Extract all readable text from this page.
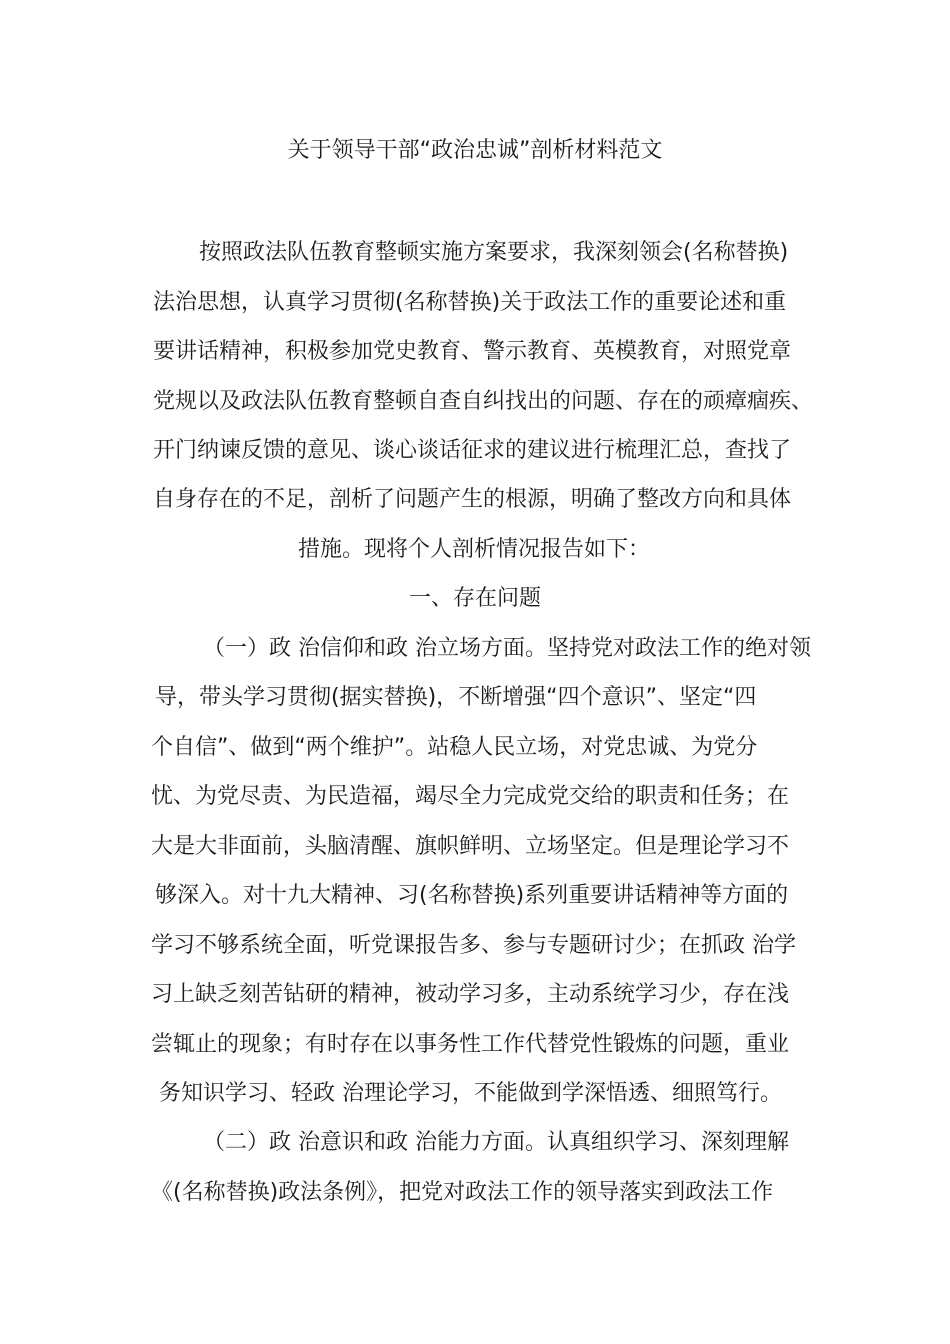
关于领导干部“政治忠诚”剖析材料范文
按照政法队伍教育整顿实施方案要求，我深刻领会(名称替换)
法治思想，认真学习贯彻(名称替换)关于政法工作的重要论述和重
要讲话精神，积极参加党史教育、警示教育、英模教育，对照党章
党规以及政法队伍教育整顿自查自纠找出的问题、存在的顽瘴痼疾、
开门纳谏反馈的意见、谈心谈话征求的建议进行梳理汇总，查找了
自身存在的不足，剖析了问题产生的根源，明确了整改方向和具体
措施。现将个人剖析情况报告如下：
一、存在问题
（一）政 治信仰和政 治立场方面。坚持党对政法工作的绝对领
导，带头学习贯彻(据实替换)，不断增强“四个意识”、坚定“四
个自信”、做到“两个维护”。站稳人民立场，对党忠诚、为党分
忧、为党尽责、为民造福，竭尽全力完成党交给的职责和任务；在
大是大非面前，头脑清醒、旗帜鲜明、立场坚定。但是理论学习不
够深入。对十九大精神、习(名称替换)系列重要讲话精神等方面的
学习不够系统全面，听党课报告多、参与专题研讨少；在抓政 治学
习上缺乏刻苦钻研的精神，被动学习多，主动系统学习少，存在浅
尝辄止的现象；有时存在以事务性工作代替党性锻炼的问题，重业
务知识学习、轻政 治理论学习，不能做到学深悟透、细照笃行。
（二）政 治意识和政 治能力方面。认真组织学习、深刻理解
《(名称替换)政法条例》，把党对政法工作的领导落实到政法工作
